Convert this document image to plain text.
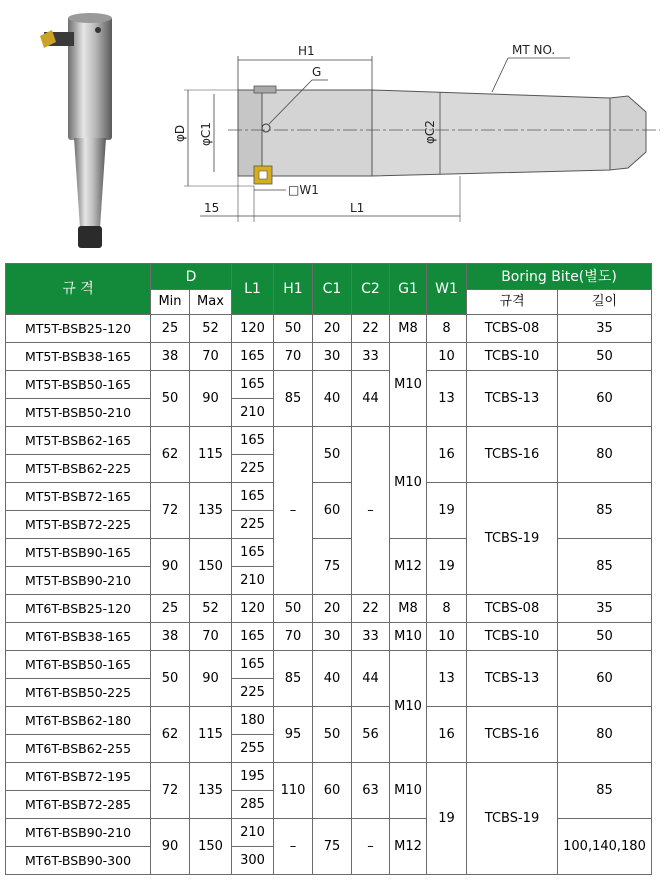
H1
G
MT NO.
φD φC1	φC2
□W1
15	L1
규 격	D		L1	H1	C1	C2	G1	W1	Boring Bite(별도)	
	Min	Max							규격	길이
MT5T-BSB25-120	25	52	120	50	20	22	M8	8	TCBS-08	35
MT5T-BSB38-165	38	70	165	70	30	33	M10	10	TCBS-10	50
MT5T-BSB50-165	50	90	165	85	40	44		13	TCBS-13	60
MT5T-BSB50-210			210							
MT5T-BSB62-165	62	115	165	–	50	–	M10	16	TCBS-16	80
MT5T-BSB62-225			225							
MT5T-BSB72-165	72	135	165		60			19	TCBS-19	85
MT5T-BSB72-225			225							
MT5T-BSB90-165	90	150	165		75		M12	19		85
MT5T-BSB90-210			210							
MT6T-BSB25-120	25	52	120	50	20	22	M8	8	TCBS-08	35
MT6T-BSB38-165	38	70	165	70	30	33	M10	10	TCBS-10	50
MT6T-BSB50-165	50	90	165	85	40	44	M10	13	TCBS-13	60
MT6T-BSB50-225			225							
MT6T-BSB62-180	62	115	180	95	50	56		16	TCBS-16	80
MT6T-BSB62-255			255							
MT6T-BSB72-195	72	135	195	110	60	63	M10	19	TCBS-19	85
MT6T-BSB72-285			285							
MT6T-BSB90-210	90	150	210	–	75	–	M12			100,140,180
MT6T-BSB90-300			300							
